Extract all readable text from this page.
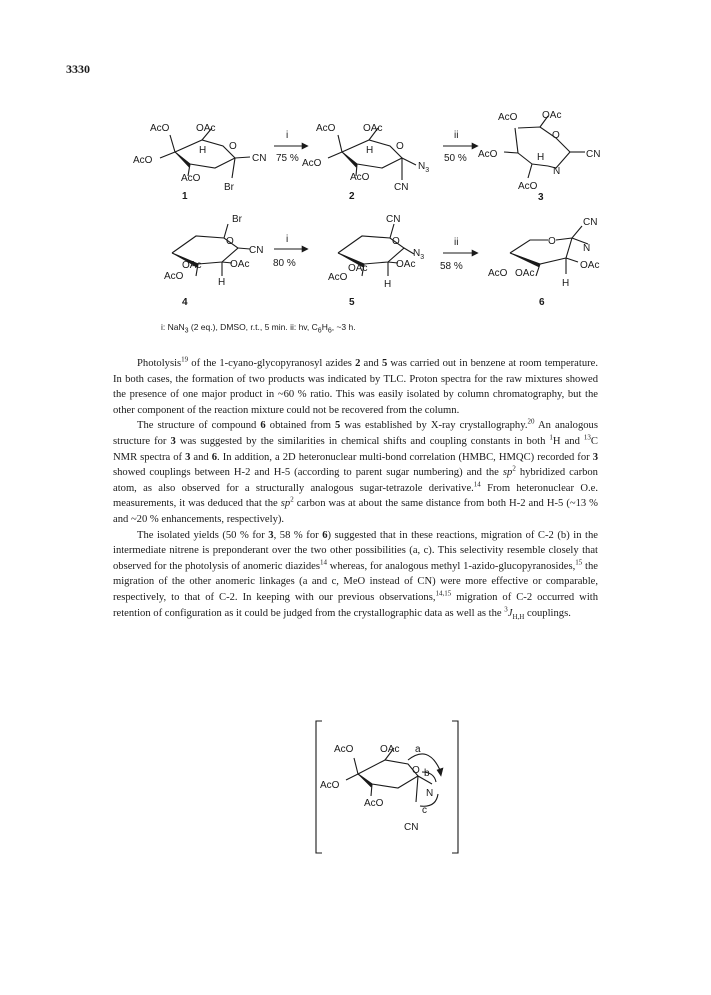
3330
AcO	OAc
O
H
AcO	CN
AcO
Br
1
i
75 %
AcO	OAc
O
H
AcO	$N_3$
AcO
CN
2
ii
50 %
AcO OAc
O
H
AcO	CN
N
AcO
3
Br
O
CN
OAc	OAc
AcO
H
4
i
80 %
CN
O
$N_3$
OAc	OAc
AcO
H
5
ii
58 %
CN
O
N
OAc
AcO OAc
H
6
AcO	OAc a
O b
N
AcO
AcO
c
CN
i: NaN$_3$ (2 eq.), DMSO, r.t., 5 min. ii: hv, $C_6H_6$, ~3 h.

Photolysis$^{19}$ of the 1-cyano-glycopyranosyl azides 2 and 5 was carried out in benzene at room temperature. In both cases, the formation of two products was indicated by TLC. Proton spectra for the raw mixtures showed the presence of one major product in ~60 % ratio. This was easily isolated by column chromatography, but the other component of the reaction mixture could not be recovered from the column.

The structure of compound 6 obtained from 5 was established by X-ray crystallography.$^{20}$ An analogous structure for 3 was suggested by the similarities in chemical shifts and coupling constants in both $^1$H and $^{13}$C NMR spectra of 3 and 6. In addition, a 2D heteronuclear multi-bond correlation (HMBC, HMQC) recorded for 3 showed couplings between H-2 and H-5 (according to parent sugar numbering) and the $sp^2$ hybridized carbon atom, as also observed for a structurally analogous sugar-tetrazole derivative.$^{14}$ From heteronuclear O.e. measurements, it was deduced that the $sp^2$ carbon was at about the same distance from both H-2 and H-5 (~13 % and ~20 % enhancements, respectively).

The isolated yields (50 % for 3, 58 % for 6) suggested that in these reactions, migration of C-2 (b) in the intermediate nitrene is preponderant over the two other possibilities (a, c). This selectivity resemble closely that observed for the photolysis of anomeric diazides$^{14}$ whereas, for analogous methyl 1-azido-glucopyranosides,$^{15}$ the migration of the other anomeric linkages (a and c, MeO instead of CN) were more effective or comparable, respectively, to that of C-2. In keeping with our previous observations,$^{14,15}$ migration of C-2 occurred with retention of configuration as it could be judged from the crystallographic data as well as the $^3J_{H,H}$ couplings.
